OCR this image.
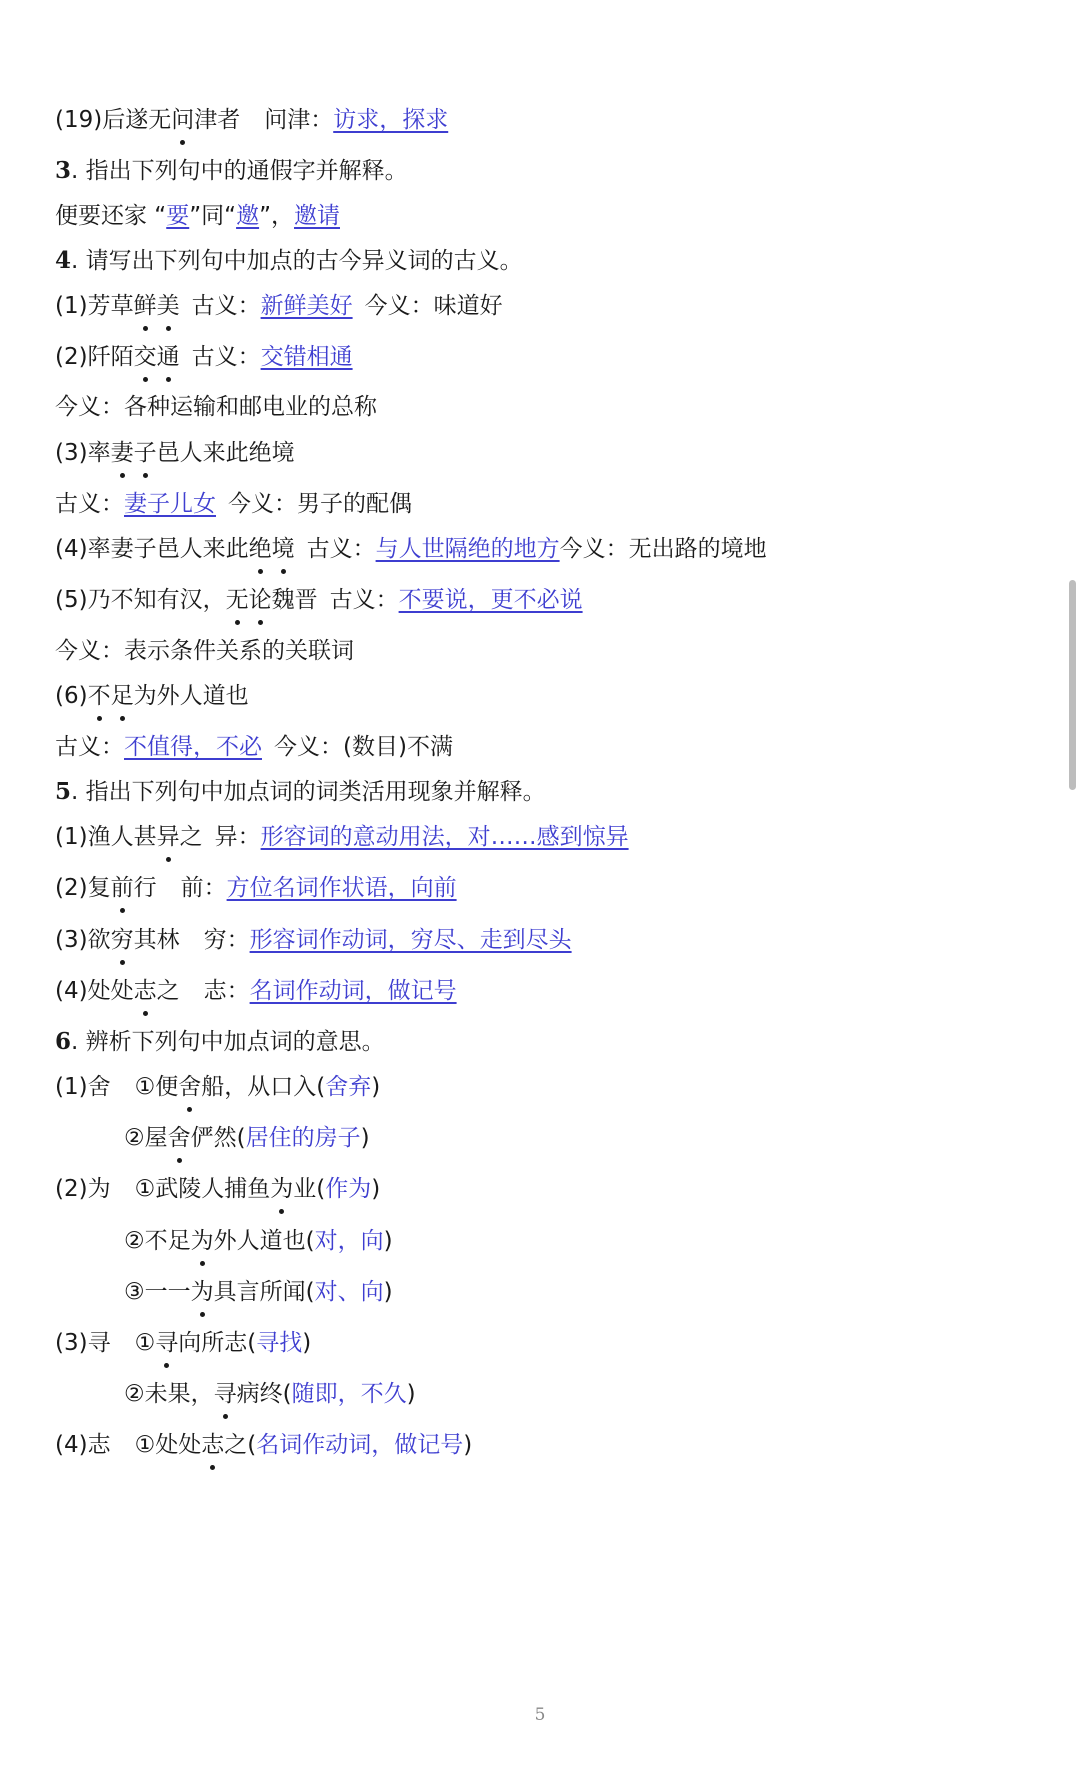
(19)后遂无问津者 问津：访求，探求
3. 指出下列句中的通假字并解释。
便要还家 “要”同“邀”，邀请
4. 请写出下列句中加点的古今异义词的古义。
(1)芳草鲜美 古义：新鲜美好 今义：味道好
(2)阡陌交通 古义：交错相通
今义：各种运输和邮电业的总称
(3)率妻子邑人来此绝境
古义：妻子儿女 今义：男子的配偶
(4)率妻子邑人来此绝境 古义：与人世隔绝的地方今义：无出路的境地
(5)乃不知有汉，无论魏晋 古义：不要说，更不必说
今义：表示条件关系的关联词
(6)不足为外人道也
古义：不值得，不必 今义：(数目)不满
5. 指出下列句中加点词的词类活用现象并解释。
(1)渔人甚异之 异：形容词的意动用法，对……感到惊异
(2)复前行 前：方位名词作状语，向前
(3)欲穷其林 穷：形容词作动词，穷尽、走到尽头
(4)处处志之 志：名词作动词，做记号
6. 辨析下列句中加点词的意思。
(1)舍 ①便舍船，从口入(舍弃)
②屋舍俨然(居住的房子)
(2)为 ①武陵人捕鱼为业(作为)
②不足为外人道也(对，向)
③一一为具言所闻(对、向)
(3)寻 ①寻向所志(寻找)
②未果，寻病终(随即，不久)
(4)志 ①处处志之(名词作动词，做记号)
5
